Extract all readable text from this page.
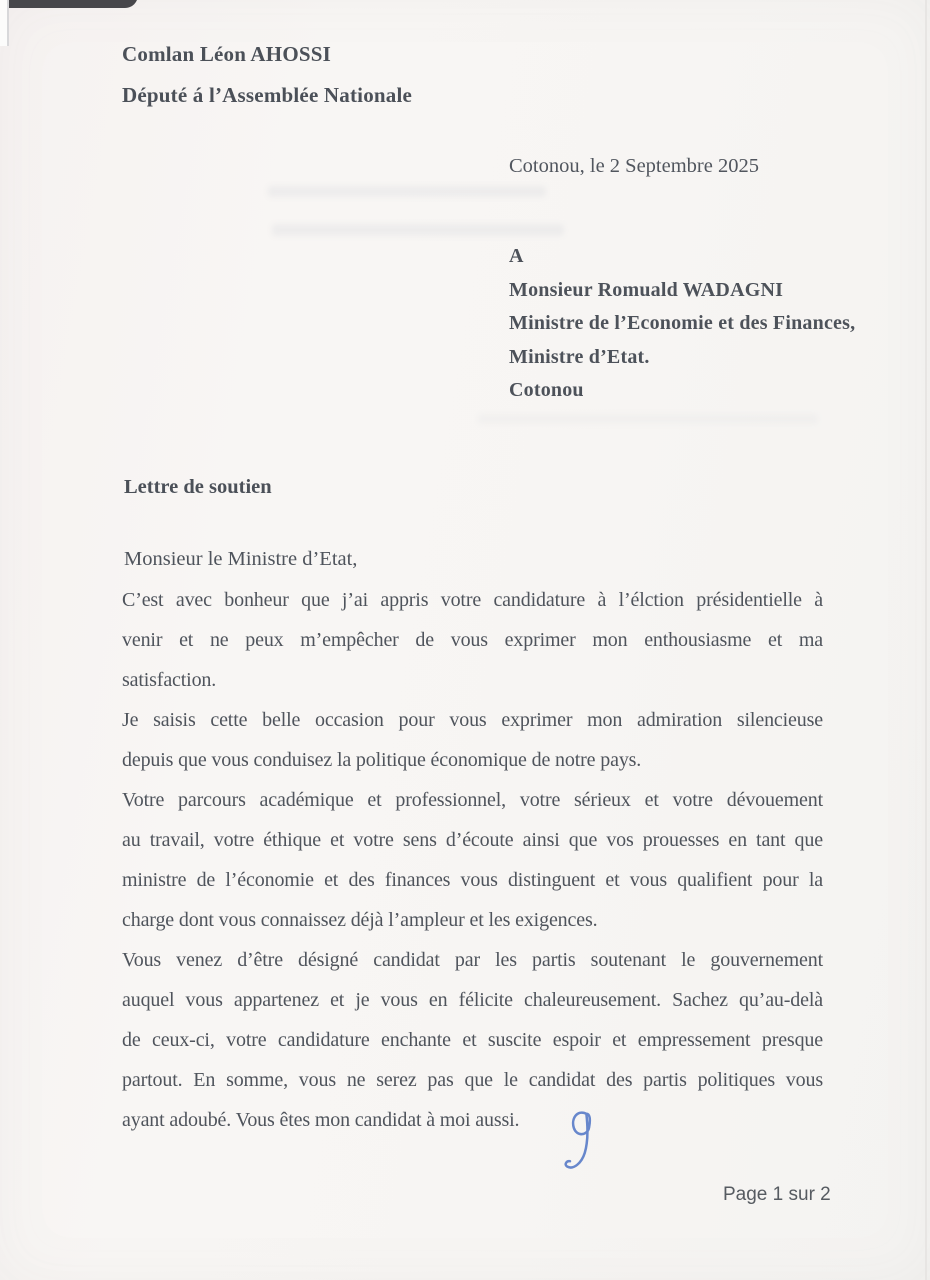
Comlan Léon AHOSSI
Député á l’Assemblée Nationale
Cotonou, le 2 Septembre 2025
A
Monsieur Romuald WADAGNI
Ministre de l’Economie et des Finances,
Ministre d’Etat.
Cotonou
Lettre de soutien
Monsieur le Ministre d’Etat,
C’est avec bonheur que j’ai appris votre candidature à l’élction présidentielle à
venir et ne peux m’empêcher de vous exprimer mon enthousiasme et ma
satisfaction.
Je saisis cette belle occasion pour vous exprimer mon admiration silencieuse
depuis que vous conduisez la politique économique de notre pays.
Votre parcours académique et professionnel, votre sérieux et votre dévouement
au travail, votre éthique et votre sens d’écoute ainsi que vos prouesses en tant que
ministre de l’économie et des finances vous distinguent et vous qualifient pour la
charge dont vous connaissez déjà l’ampleur et les exigences.
Vous venez d’être désigné candidat par les partis soutenant le gouvernement
auquel vous appartenez et je vous en félicite chaleureusement. Sachez qu’au-delà
de ceux-ci, votre candidature enchante et suscite espoir et empressement presque
partout. En somme, vous ne serez pas que le candidat des partis politiques vous
ayant adoubé. Vous êtes mon candidat à moi aussi.
Page 1 sur 2
